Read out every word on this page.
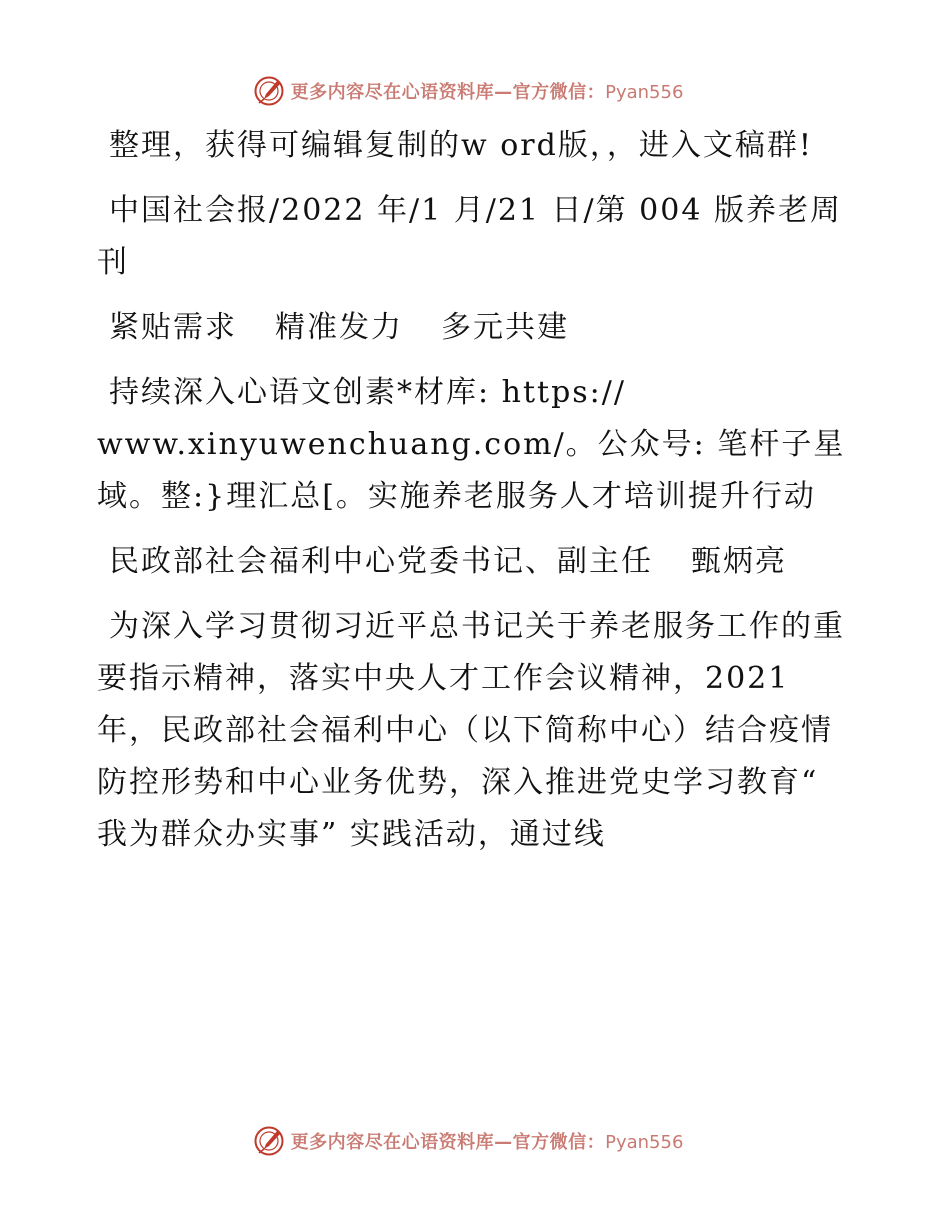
更多内容尽在心语资料库—官方微信：Pyan556

整理，获得可编辑复制的w ord版，，进入文稿群!

中国社会报/2022 年/1 月/21 日/第 004 版养老周刊

紧贴需求 精准发力 多元共建

持续深入心语文创素*材库: https://
www.xinyuwenchuang.com/。公众号: 笔杆子星
域。整:}理汇总[。实施养老服务人才培训提升行动

民政部社会福利中心党委书记、副主任 甄炳亮

为深入学习贯彻习近平总书记关于养老服务工作的重要指示精神，落实中央人才工作会议精神，2021 年，民政部社会福利中心（以下简称中心）结合疫情防控形势和中心业务优势，深入推进党史学习教育“ 我为群众办实事” 实践活动，通过线

更多内容尽在心语资料库—官方微信：Pyan556
